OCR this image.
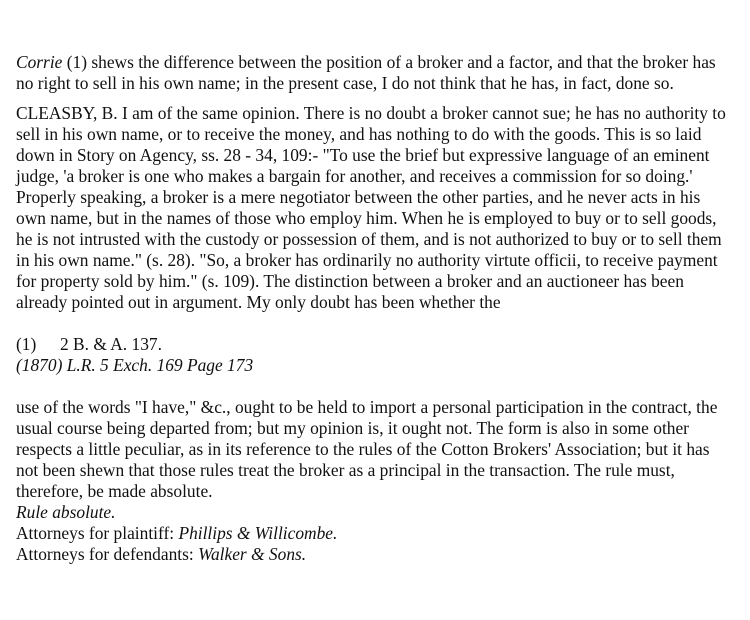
Corrie (1) shews the difference between the position of a broker and a factor, and that the broker has no right to sell in his own name; in the present case, I do not think that he has, in fact, done so.

CLEASBY, B. I am of the same opinion. There is no doubt a broker cannot sue; he has no authority to sell in his own name, or to receive the money, and has nothing to do with the goods. This is so laid down in Story on Agency, ss. 28 - 34, 109:- "To use the brief but expressive language of an eminent judge, 'a broker is one who makes a bargain for another, and receives a commission for so doing.' Properly speaking, a broker is a mere negotiator between the other parties, and he never acts in his own name, but in the names of those who employ him. When he is employed to buy or to sell goods, he is not intrusted with the custody or possession of them, and is not authorized to buy or to sell them in his own name." (s. 28). "So, a broker has ordinarily no authority virtute officii, to receive payment for property sold by him." (s. 109). The distinction between a broker and an auctioneer has been already pointed out in argument. My only doubt has been whether the

(1) 2 B. & A. 137.

(1870) L.R. 5 Exch. 169 Page 173

use of the words "I have," &c., ought to be held to import a personal participation in the contract, the usual course being departed from; but my opinion is, it ought not. The form is also in some other respects a little peculiar, as in its reference to the rules of the Cotton Brokers' Association; but it has not been shewn that those rules treat the broker as a principal in the transaction. The rule must, therefore, be made absolute.

Rule absolute.

Attorneys for plaintiff: Phillips & Willicombe.

Attorneys for defendants: Walker & Sons.
